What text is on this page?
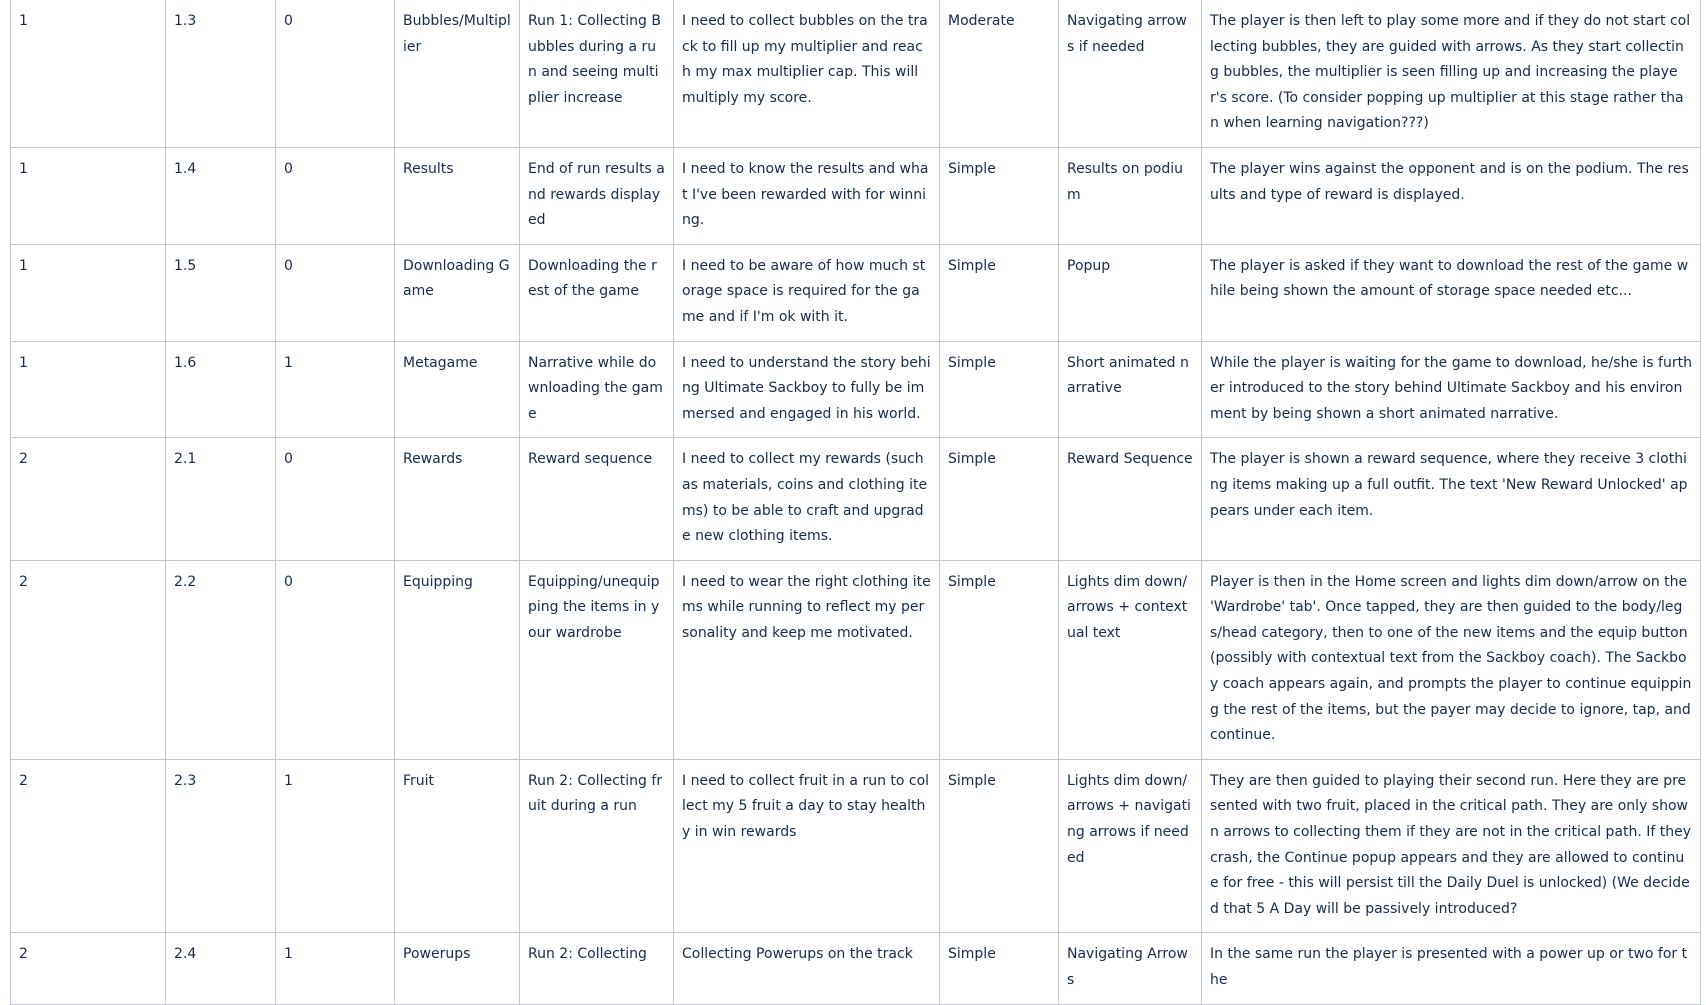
1	1.3	0	Bubbles/Multiplier	Run 1: Collecting Bubbles during a run and seeing multiplier increase	I need to collect bubbles on the track to fill up my multiplier and reach my max multiplier cap. This will multiply my score.	Moderate	Navigating arrows if needed	The player is then left to play some more and if they do not start collecting bubbles, they are guided with arrows. As they start collecting bubbles, the multiplier is seen filling up and increasing the player's score. (To consider popping up multiplier at this stage rather than when learning navigation???)
1	1.4	0	Results	End of run results and rewards displayed	I need to know the results and what I've been rewarded with for winning.	Simple	Results on podium	The player wins against the opponent and is on the podium. The results and type of reward is displayed.
1	1.5	0	Downloading Game	Downloading the rest of the game	I need to be aware of how much storage space is required for the game and if I'm ok with it.	Simple	Popup	The player is asked if they want to download the rest of the game while being shown the amount of storage space needed etc...
1	1.6	1	Metagame	Narrative while downloading the game	I need to understand the story behing Ultimate Sackboy to fully be immersed and engaged in his world.	Simple	Short animated narrative	While the player is waiting for the game to download, he/she is further introduced to the story behind Ultimate Sackboy and his environment by being shown a short animated narrative.
2	2.1	0	Rewards	Reward sequence	I need to collect my rewards (such as materials, coins and clothing items) to be able to craft and upgrade new clothing items.	Simple	Reward Sequence	The player is shown a reward sequence, where they receive 3 clothing items making up a full outfit. The text 'New Reward Unlocked' appears under each item.
2	2.2	0	Equipping	Equipping/unequipping the items in your wardrobe	I need to wear the right clothing items while running to reflect my personality and keep me motivated.	Simple	Lights dim down/arrows + contextual text	Player is then in the Home screen and lights dim down/arrow on the 'Wardrobe' tab'. Once tapped, they are then guided to the body/legs/head category, then to one of the new items and the equip button (possibly with contextual text from the Sackboy coach). The Sackboy coach appears again, and prompts the player to continue equipping the rest of the items, but the payer may decide to ignore, tap, and continue.
2	2.3	1	Fruit	Run 2: Collecting fruit during a run	I need to collect fruit in a run to collect my 5 fruit a day to stay healthy in win rewards	Simple	Lights dim down/arrows + navigating arrows if needed	They are then guided to playing their second run. Here they are presented with two fruit, placed in the critical path. They are only shown arrows to collecting them if they are not in the critical path. If they crash, the Continue popup appears and they are allowed to continue for free - this will persist till the Daily Duel is unlocked) (We decided that 5 A Day will be passively introduced?
2	2.4	1	Powerups	Run 2: Collecting	Collecting Powerups on the track	Simple	Navigating Arrows	In the same run the player is presented with a power up or two for the
